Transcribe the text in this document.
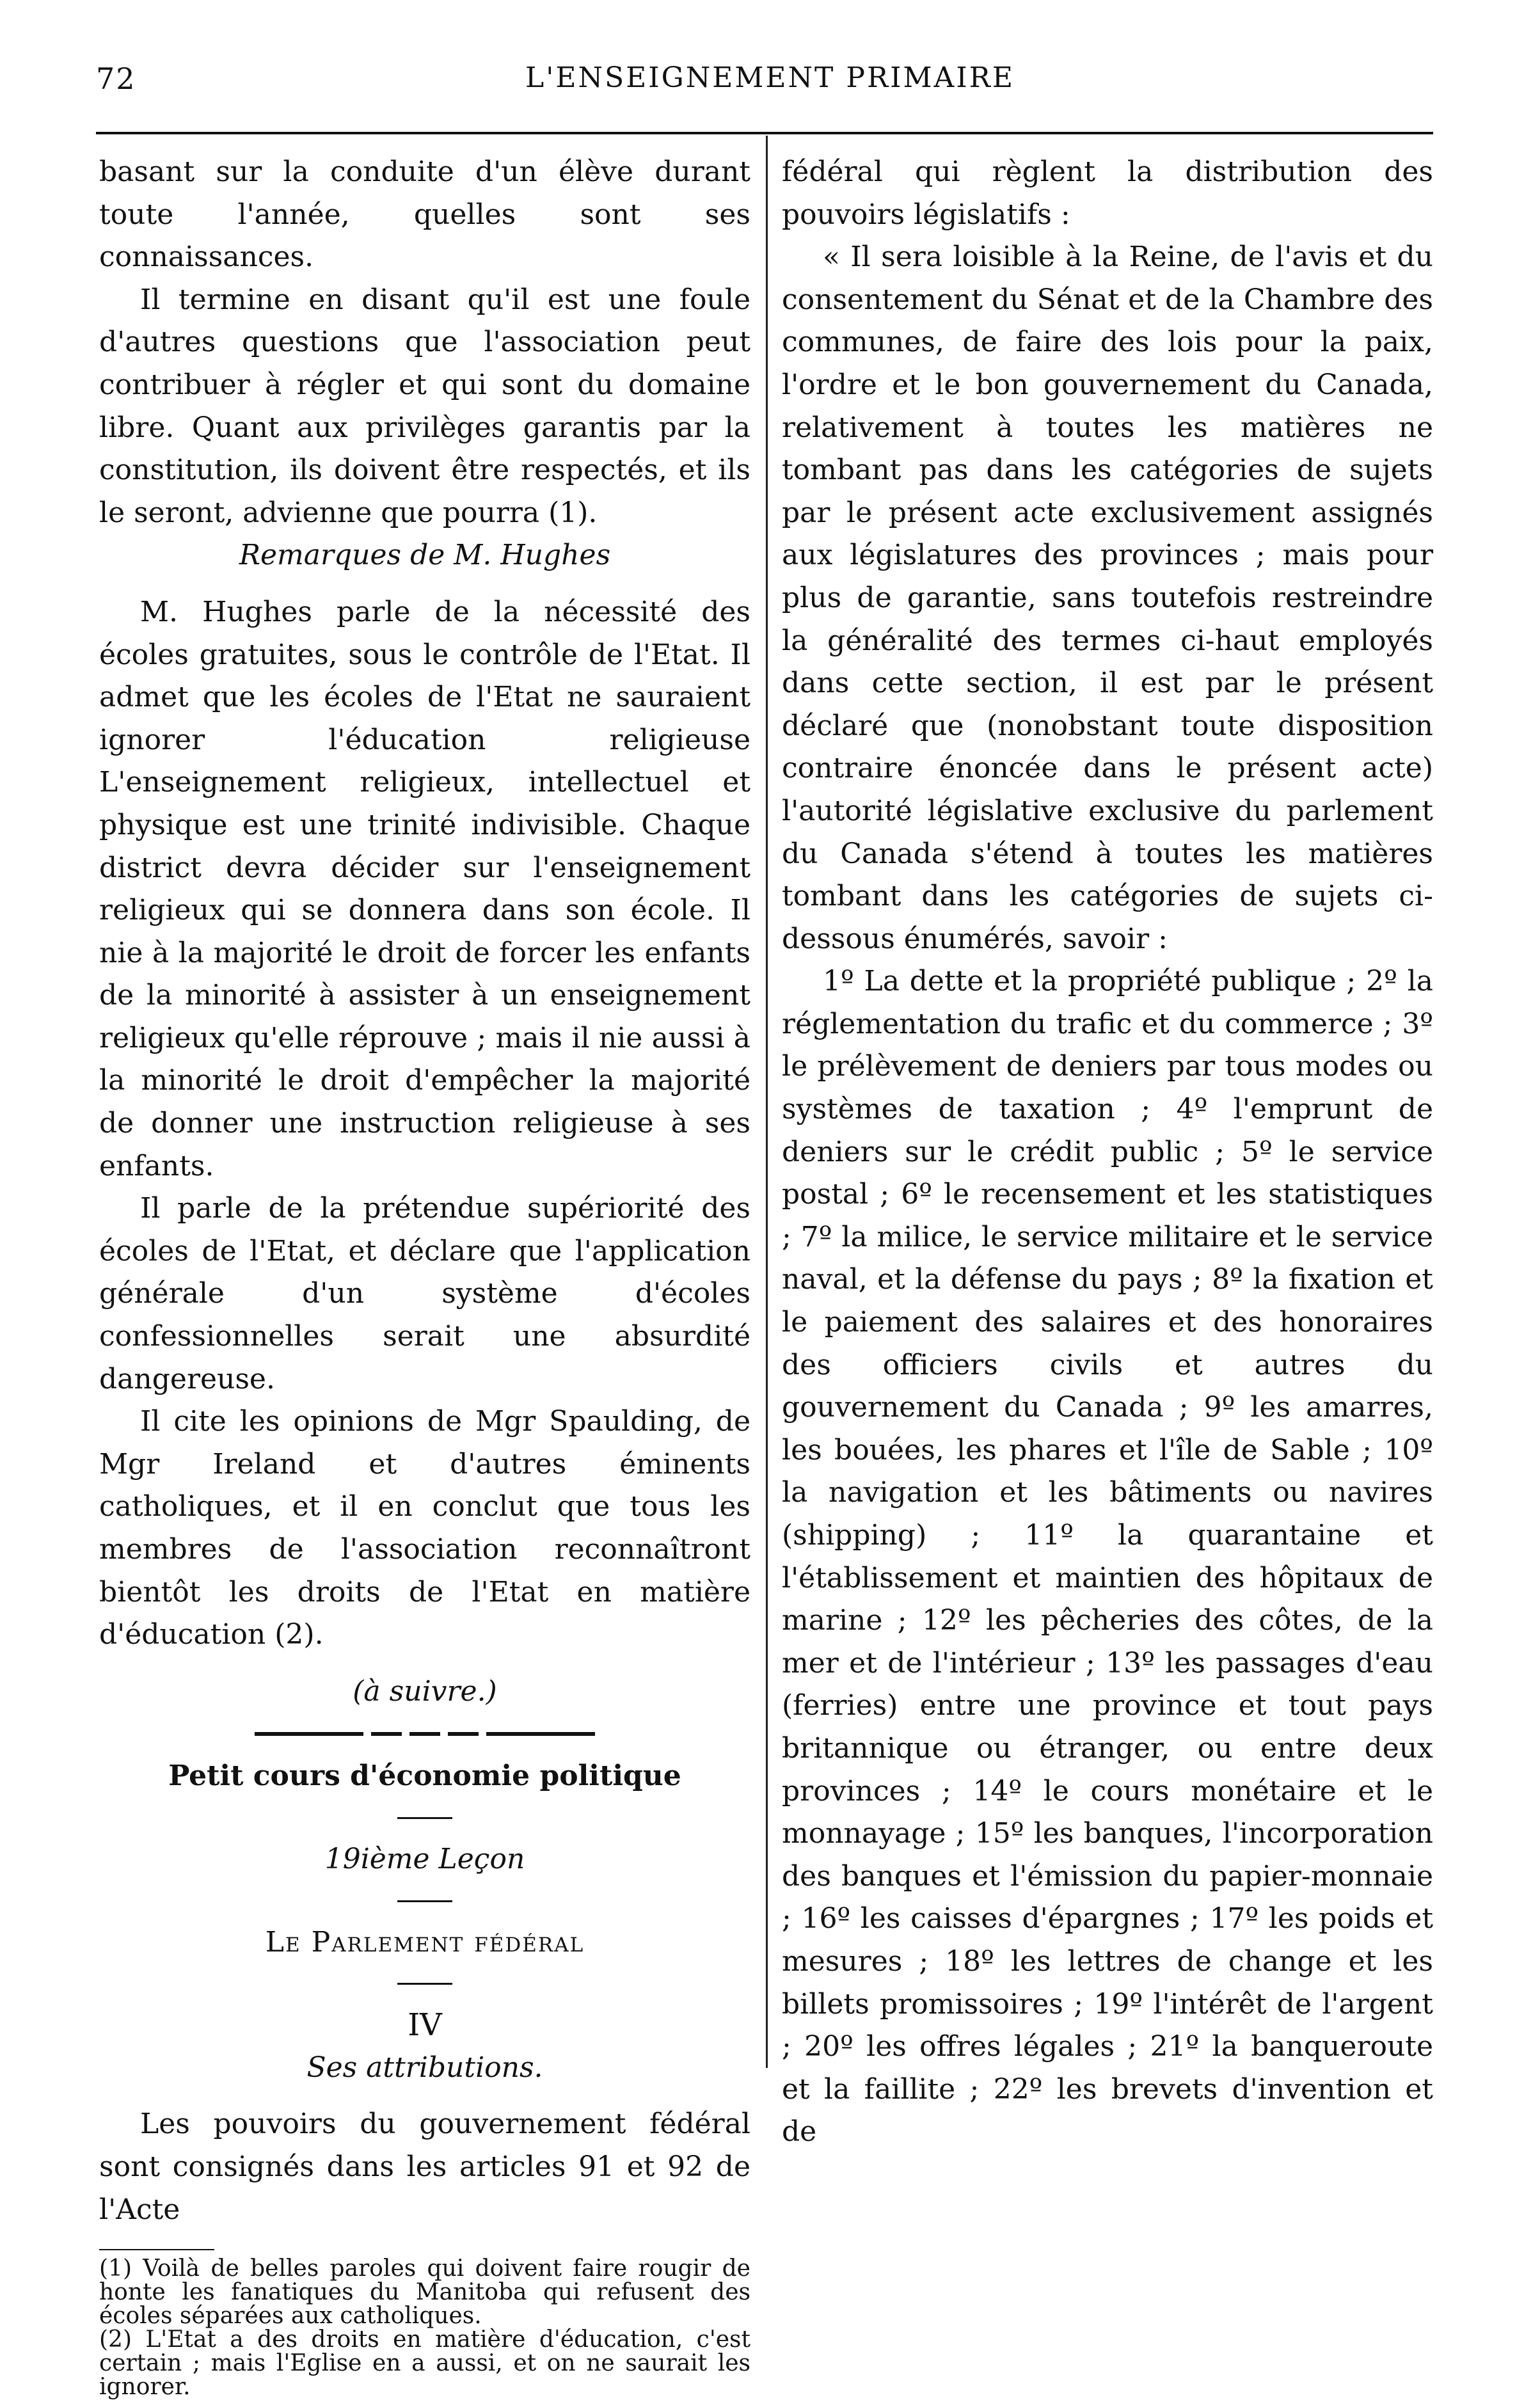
72	L'ENSEIGNEMENT PRIMAIRE

basant sur la conduite d'un élève durant toute l'année, quelles sont ses connaissances.

Il termine en disant qu'il est une foule d'autres questions que l'association peut contribuer à régler et qui sont du domaine libre. Quant aux privilèges garantis par la constitution, ils doivent être respectés, et ils le seront, advienne que pourra (1).

Remarques de M. Hughes

M. Hughes parle de la nécessité des écoles gratuites, sous le contrôle de l'Etat. Il admet que les écoles de l'Etat ne sauraient ignorer l'éducation religieuse L'enseignement religieux, intellectuel et physique est une trinité indivisible. Chaque district devra décider sur l'enseignement religieux qui se donnera dans son école. Il nie à la majorité le droit de forcer les enfants de la minorité à assister à un enseignement religieux qu'elle réprouve ; mais il nie aussi à la minorité le droit d'empêcher la majorité de donner une instruction religieuse à ses enfants.

Il parle de la prétendue supériorité des écoles de l'Etat, et déclare que l'application générale d'un système d'écoles confessionnelles serait une absurdité dangereuse.

Il cite les opinions de Mgr Spaulding, de Mgr Ireland et d'autres éminents catholiques, et il en conclut que tous les membres de l'association reconnaîtront bientôt les droits de l'Etat en matière d'éducation (2).

(à suivre.)

Petit cours d'économie politique

19ième Leçon

Le Parlement fédéral

IV

Ses attributions.

Les pouvoirs du gouvernement fédéral sont consignés dans les articles 91 et 92 de l'Acte

(1) Voilà de belles paroles qui doivent faire rougir de honte les fanatiques du Manitoba qui refusent des écoles séparées aux catholiques.

(2) L'Etat a des droits en matière d'éducation, c'est certain ; mais l'Eglise en a aussi, et on ne saurait les ignorer.

fédéral qui règlent la distribution des pouvoirs législatifs :

« Il sera loisible à la Reine, de l'avis et du consentement du Sénat et de la Chambre des communes, de faire des lois pour la paix, l'ordre et le bon gouvernement du Canada, relativement à toutes les matières ne tombant pas dans les catégories de sujets par le présent acte exclusivement assignés aux législatures des provinces ; mais pour plus de garantie, sans toutefois restreindre la généralité des termes ci-haut employés dans cette section, il est par le présent déclaré que (nonobstant toute disposition contraire énoncée dans le présent acte) l'autorité législative exclusive du parlement du Canada s'étend à toutes les matières tombant dans les catégories de sujets ci-dessous énumérés, savoir :

1º La dette et la propriété publique ; 2º la réglementation du trafic et du commerce ; 3º le prélèvement de deniers par tous modes ou systèmes de taxation ; 4º l'emprunt de deniers sur le crédit public ; 5º le service postal ; 6º le recensement et les statistiques ; 7º la milice, le service militaire et le service naval, et la défense du pays ; 8º la fixation et le paiement des salaires et des honoraires des officiers civils et autres du gouvernement du Canada ; 9º les amarres, les bouées, les phares et l'île de Sable ; 10º la navigation et les bâtiments ou navires (shipping) ; 11º la quarantaine et l'établissement et maintien des hôpitaux de marine ; 12º les pêcheries des côtes, de la mer et de l'intérieur ; 13º les passages d'eau (ferries) entre une province et tout pays britannique ou étranger, ou entre deux provinces ; 14º le cours monétaire et le monnayage ; 15º les banques, l'incorporation des banques et l'émission du papier-monnaie ; 16º les caisses d'épargnes ; 17º les poids et mesures ; 18º les lettres de change et les billets promissoires ; 19º l'intérêt de l'argent ; 20º les offres légales ; 21º la banqueroute et la faillite ; 22º les brevets d'invention et de
